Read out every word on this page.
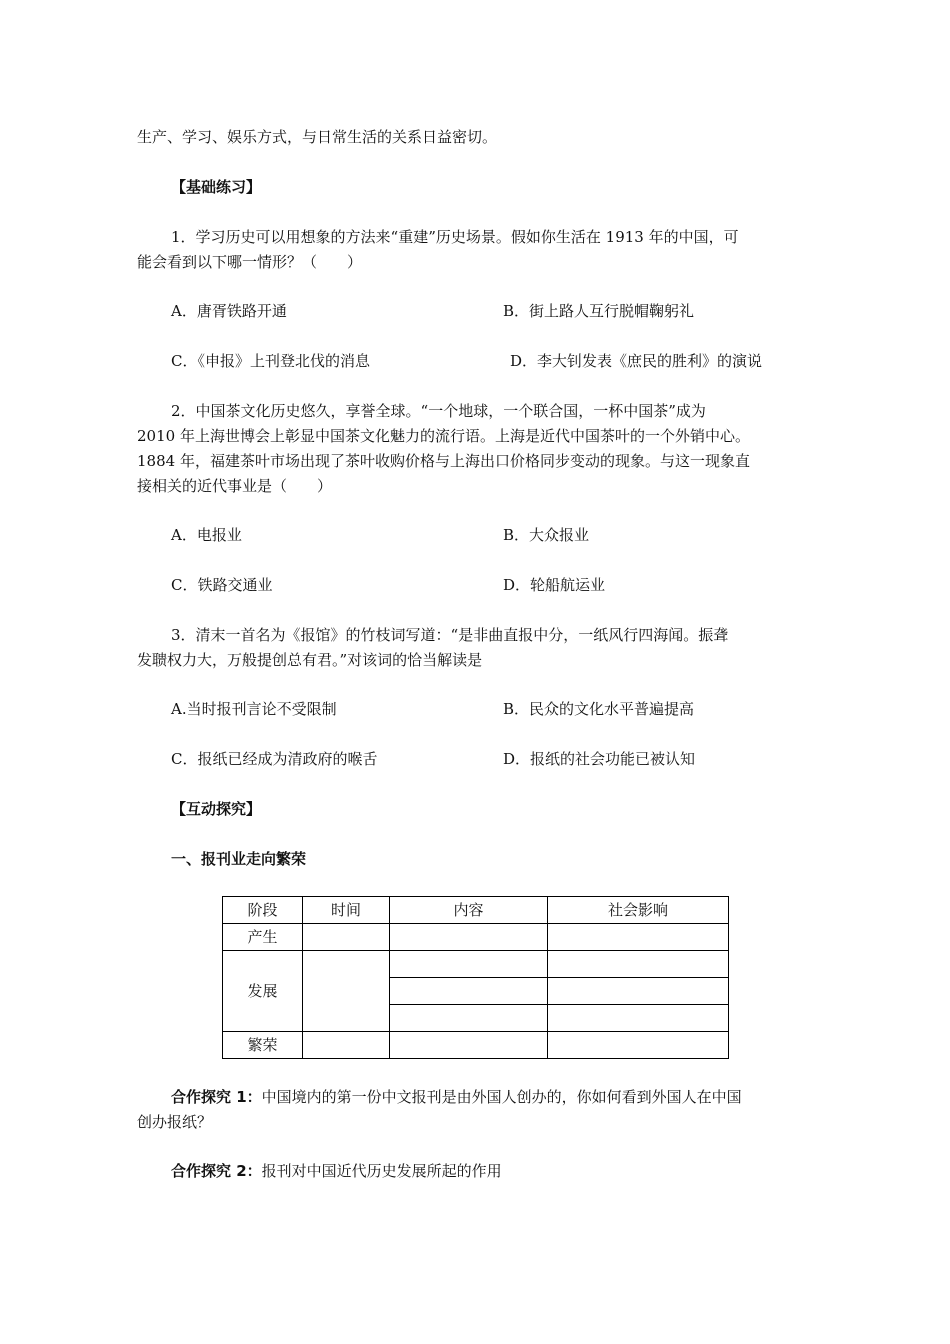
生产、学习、娱乐方式，与日常生活的关系日益密切。
【基础练习】
1．学习历史可以用想象的方法来“重建”历史场景。假如你生活在 1913 年的中国，可
能会看到以下哪一情形？（　　）
A．唐胥铁路开通	B．街上路人互行脱帽鞠躬礼
C．《申报》上刊登北伐的消息	D．李大钊发表《庶民的胜利》的演说
2．中国茶文化历史悠久，享誉全球。“一个地球，一个联合国，一杯中国茶”成为
2010 年上海世博会上彰显中国茶文化魅力的流行语。上海是近代中国茶叶的一个外销中心。
1884 年，福建茶叶市场出现了茶叶收购价格与上海出口价格同步变动的现象。与这一现象直
接相关的近代事业是（　　）
A．电报业	B．大众报业
C．铁路交通业	D．轮船航运业
3．清末一首名为《报馆》的竹枝词写道：“是非曲直报中分，一纸风行四海闻。振聋
发聩权力大，万般提创总有君。”对该词的恰当解读是
A.当时报刊言论不受限制	B．民众的文化水平普遍提高
C．报纸已经成为清政府的喉舌	D．报纸的社会功能已被认知
【互动探究】
一、报刊业走向繁荣
阶段	时间	内容	社会影响
产生			
发展			

繁荣			
合作探究 1：中国境内的第一份中文报刊是由外国人创办的，你如何看到外国人在中国
创办报纸？
合作探究 2：报刊对中国近代历史发展所起的作用
